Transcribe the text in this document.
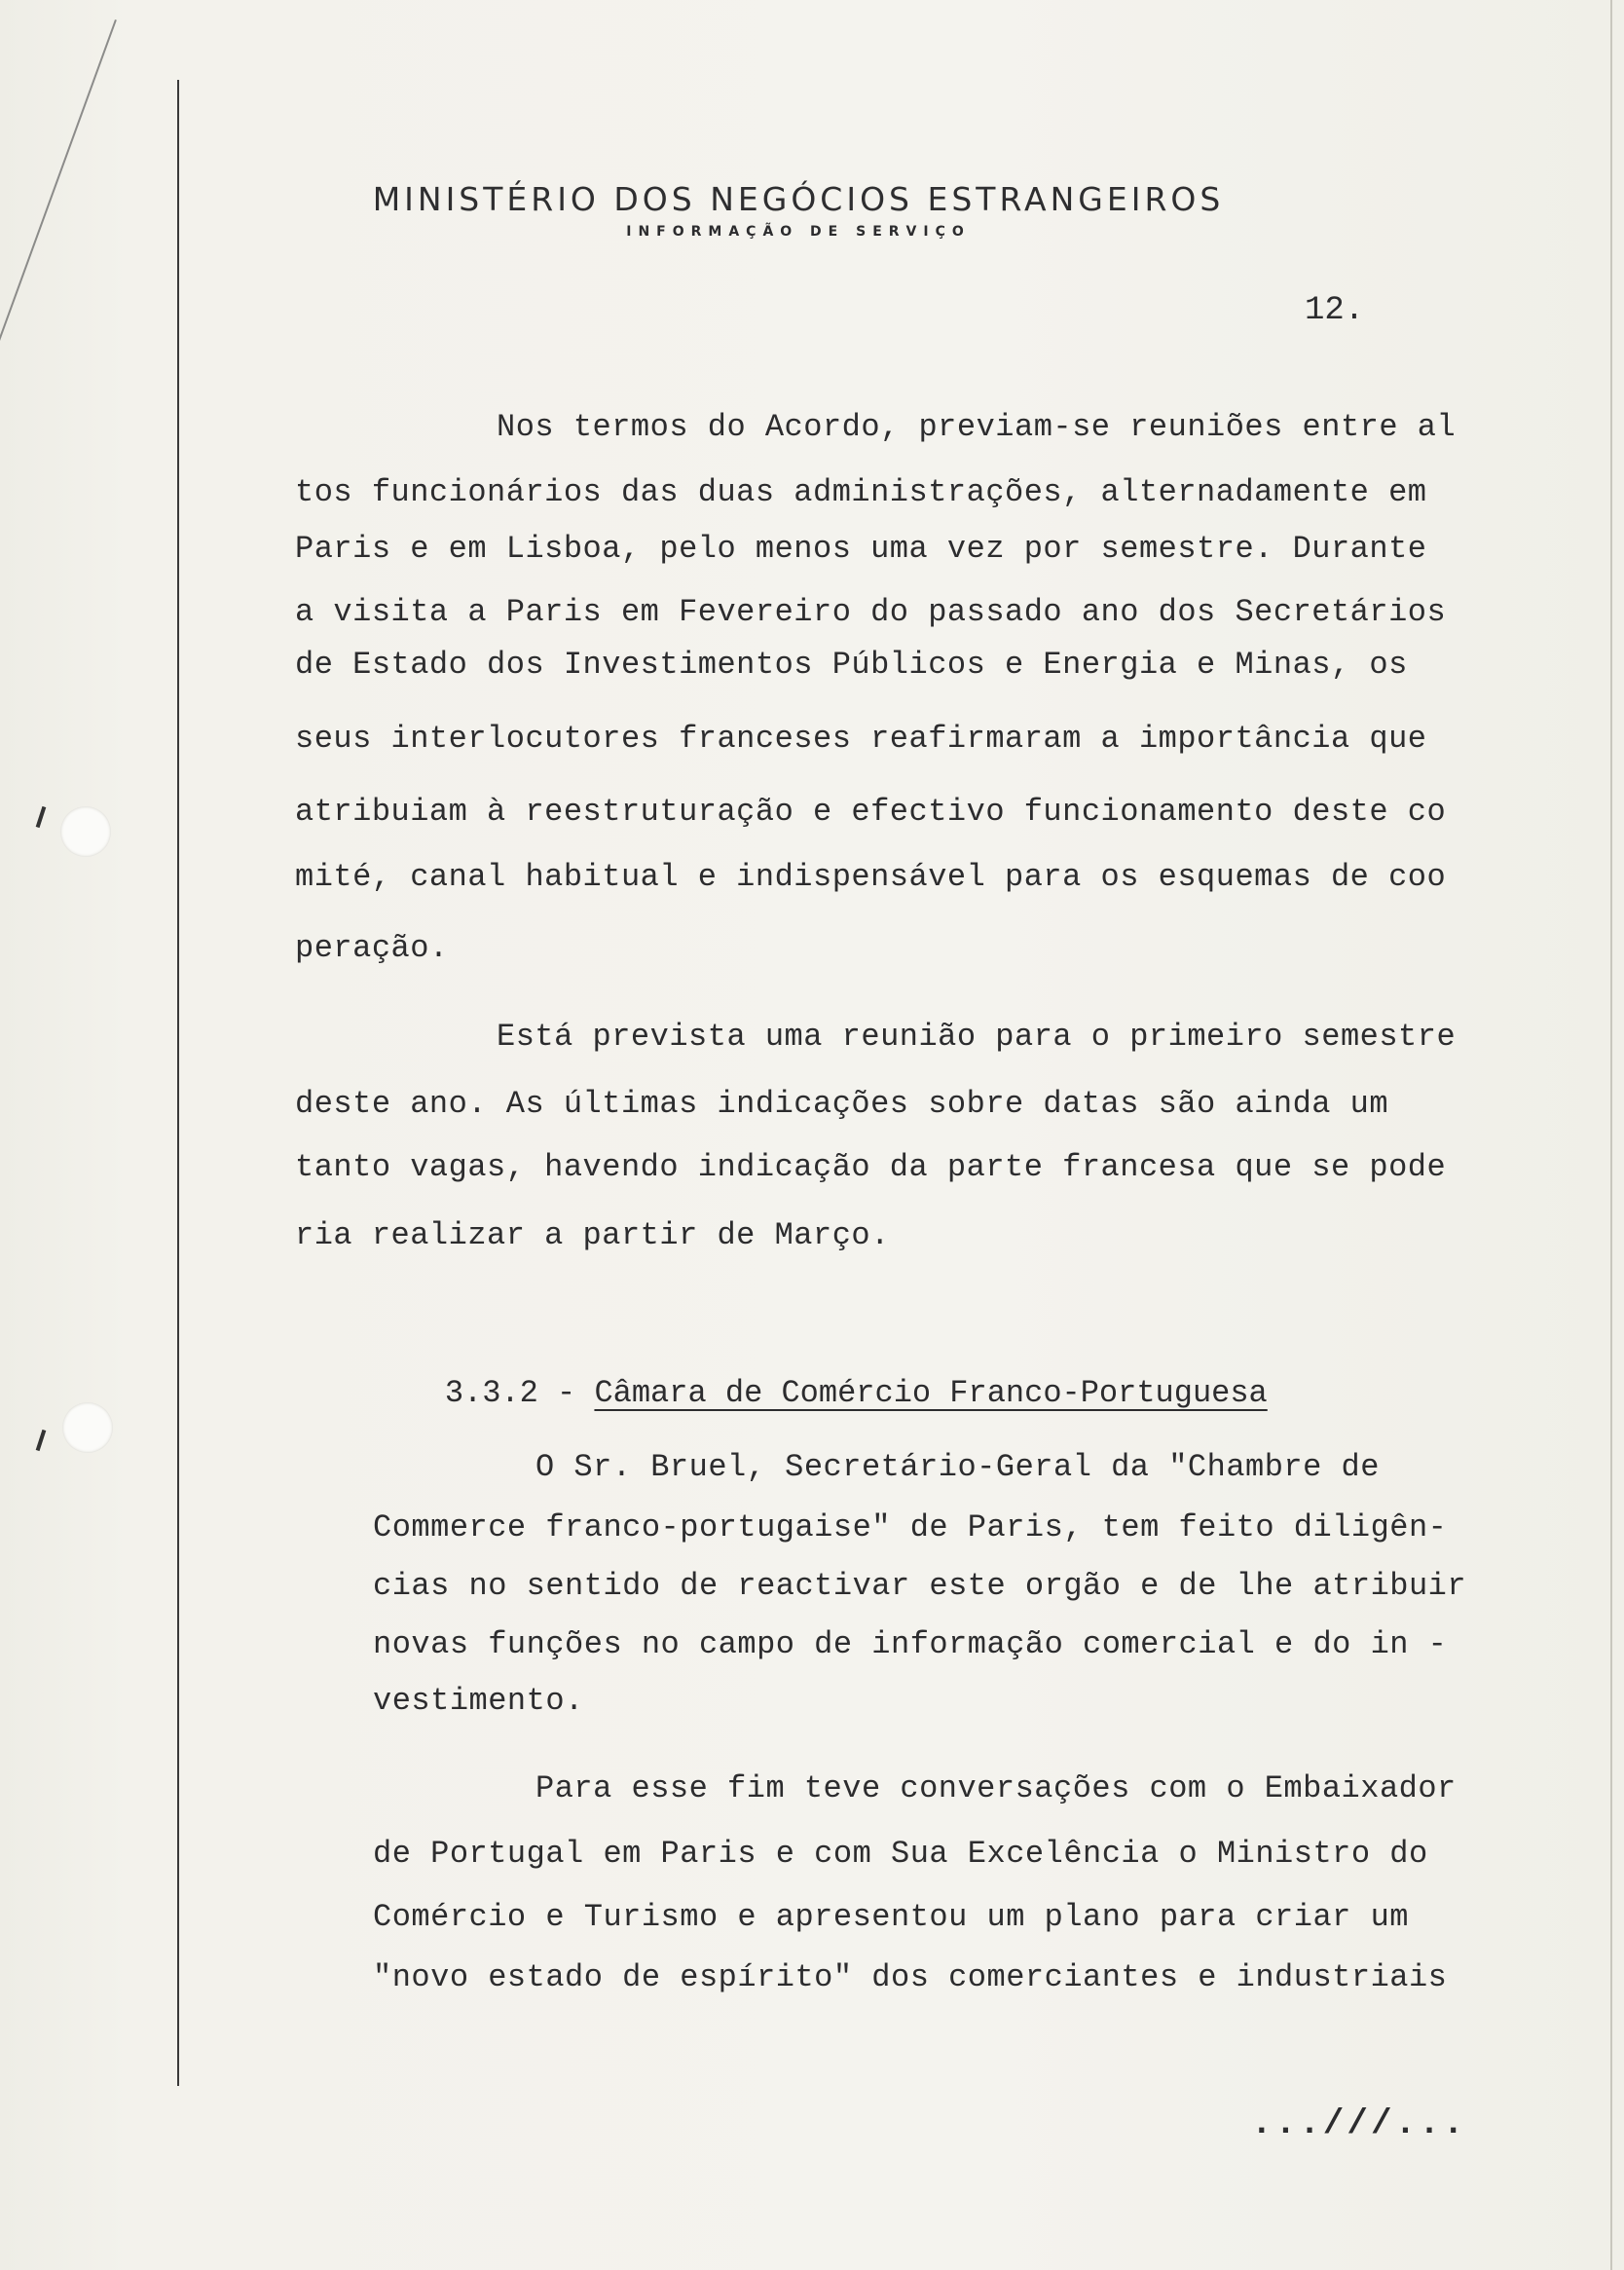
MINISTÉRIO DOS NEGÓCIOS ESTRANGEIROS
INFORMAÇÃO DE SERVIÇO
12.
Nos termos do Acordo, previam-se reuniões entre al
tos funcionários das duas administrações, alternadamente em
Paris e em Lisboa, pelo menos uma vez por semestre. Durante
a visita a Paris em Fevereiro do passado ano dos Secretários
de Estado dos Investimentos Públicos e Energia e Minas, os
seus interlocutores franceses reafirmaram a importância que
atribuiam à reestruturação e efectivo funcionamento deste co
mité, canal habitual e indispensável para os esquemas de coo
peração.
Está prevista uma reunião para o primeiro semestre
deste ano. As últimas indicações sobre datas são ainda um
tanto vagas, havendo indicação da parte francesa que se pode
ria realizar a partir de Março.

3.3.2 - Câmara de Comércio Franco-Portuguesa

O Sr. Bruel, Secretário-Geral da "Chambre de
Commerce franco-portugaise" de Paris, tem feito diligên-
cias no sentido de reactivar este orgão e de lhe atribuir
novas funções no campo de informação comercial e do in -
vestimento.
Para esse fim teve conversações com o Embaixador
de Portugal em Paris e com Sua Excelência o Ministro do
Comércio e Turismo e apresentou um plano para criar um
"novo estado de espírito" dos comerciantes e industriais
...///...
